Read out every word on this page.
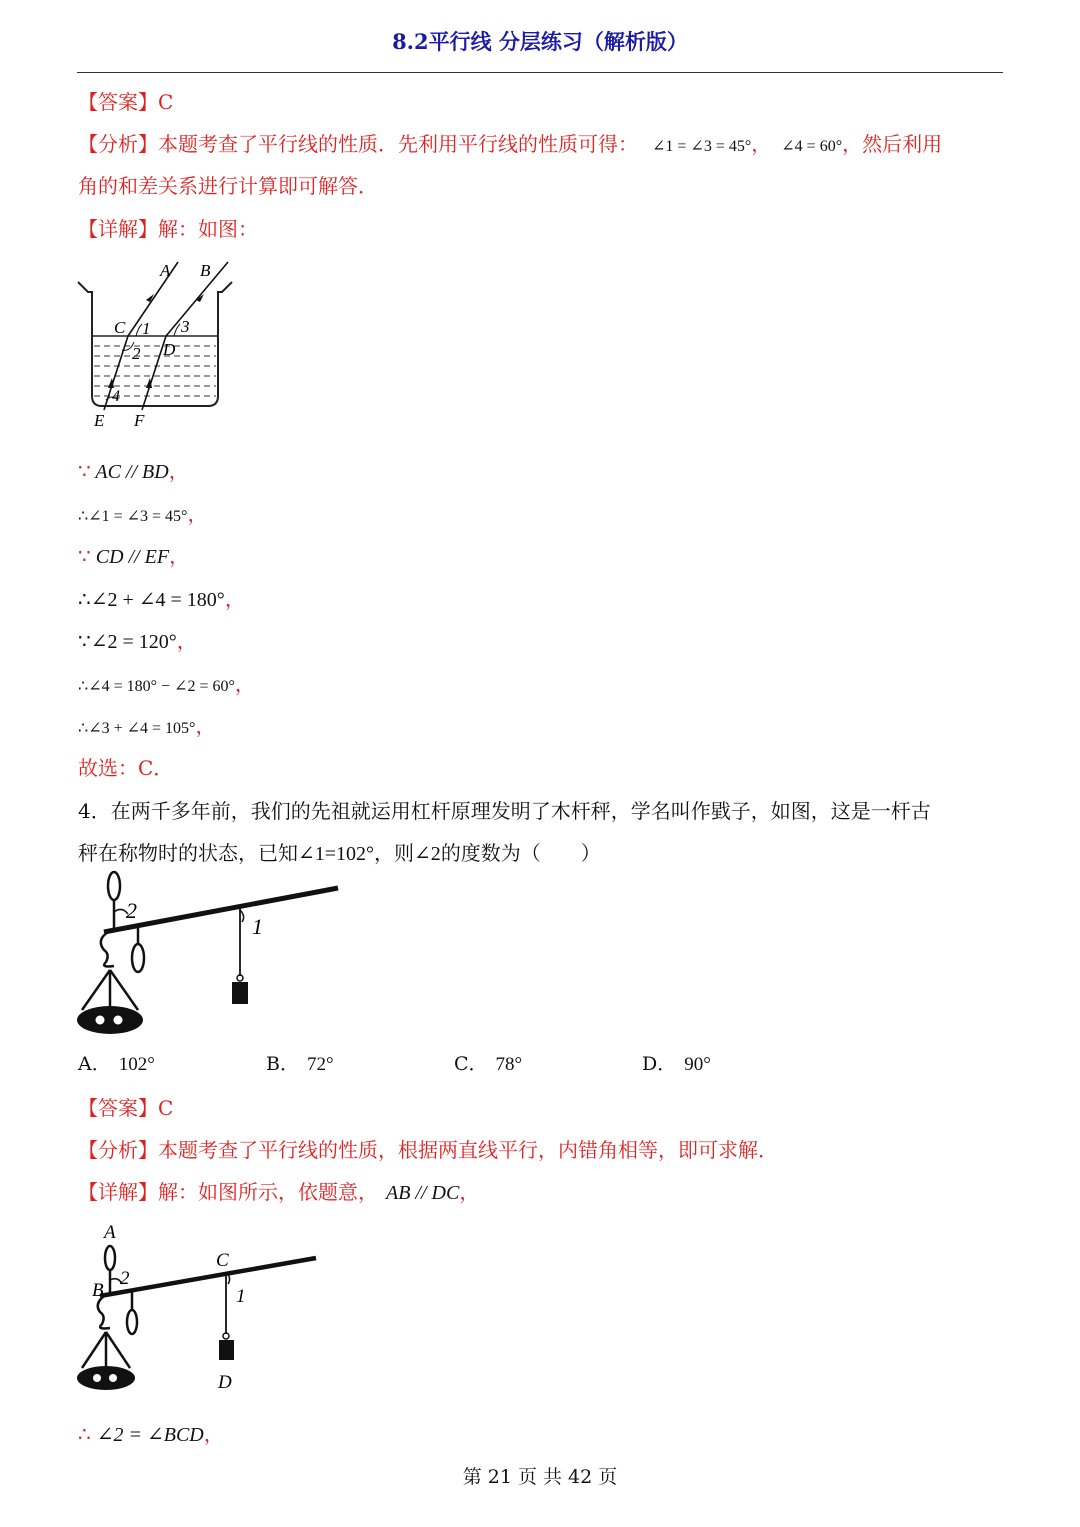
8.2平行线 分层练习（解析版）
【答案】C
【分析】本题考查了平行线的性质．先利用平行线的性质可得： ∠1 = ∠3 = 45°， ∠4 = 60°，然后利用
角的和差关系进行计算即可解答．
【详解】解：如图：
A B
C
D
E F
1
2
3
4
∵ AC // BD，
∴∠1 = ∠3 = 45°，
∵ CD // EF，
∴∠2 + ∠4 = 180°，
∵∠2 = 120°，
∴∠4 = 180° − ∠2 = 60°，
∴∠3 + ∠4 = 105°，
故选：C．
4．在两千多年前，我们的先祖就运用杠杆原理发明了木杆秤，学名叫作戥子，如图，这是一杆古
秤在称物时的状态，已知∠1=102°，则∠2的度数为（　　）
2
1
A． 102°	B． 72°	C． 78°	D． 90°
【答案】C
【分析】本题考查了平行线的性质，根据两直线平行，内错角相等，即可求解．
【详解】解：如图所示，依题意， AB // DC，
A
B
C
D
2
1
∴ ∠2 = ∠BCD，
第 21 页 共 42 页
